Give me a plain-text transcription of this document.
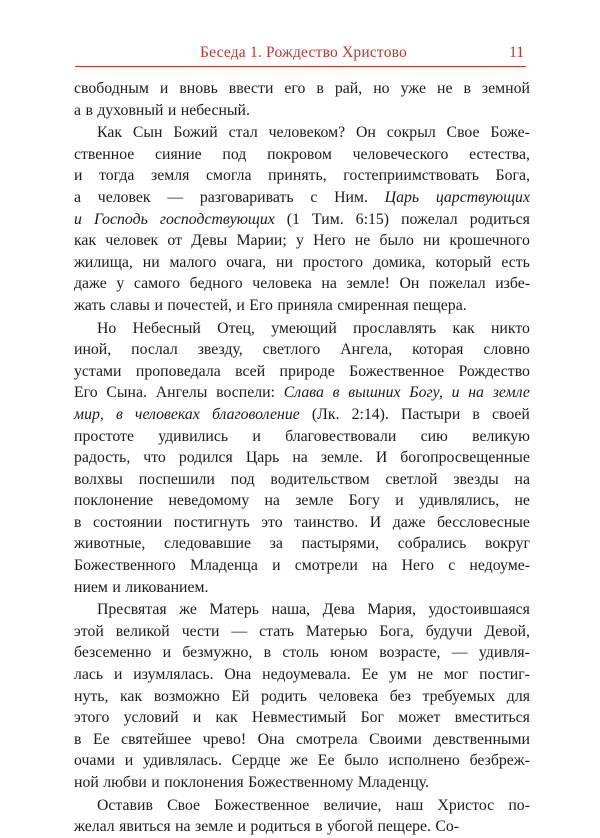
Беседа 1. Рождество Христово	11
свободным и вновь ввести его в рай, но уже не в земной
а в духовный и небесный.
Как Сын Божий стал человеком? Он сокрыл Свое Боже-
ственное сияние под покровом человеческого естества,
и тогда земля смогла принять, гостеприимствовать Бога,
а человек — разговаривать с Ним. Царь царствующих
и Господь господствующих (1 Тим. 6:15) пожелал родиться
как человек от Девы Марии; у Него не было ни крошечного
жилища, ни малого очага, ни простого домика, который есть
даже у самого бедного человека на земле! Он пожелал избе-
жать славы и почестей, и Его приняла смиренная пещера.
Но Небесный Отец, умеющий прославлять как никто
иной, послал звезду, светлого Ангела, которая словно
устами проповедала всей природе Божественное Рождество
Его Сына. Ангелы воспели: Слава в вышних Богу, и на земле
мир, в человеках благоволение (Лк. 2:14). Пастыри в своей
простоте удивились и благовествовали сию великую
радость, что родился Царь на земле. И богопросвещенные
волхвы поспешили под водительством светлой звезды на
поклонение неведомому на земле Богу и удивлялись, не
в состоянии постигнуть это таинство. И даже бессловесные
животные, следовавшие за пастырями, собрались вокруг
Божественного Младенца и смотрели на Него с недоуме-
нием и ликованием.
Пресвятая же Матерь наша, Дева Мария, удостоившаяся
этой великой чести — стать Матерью Бога, будучи Девой,
безсеменно и безмужно, в столь юном возрасте, — удивля-
лась и изумлялась. Она недоумевала. Ее ум не мог постиг-
нуть, как возможно Ей родить человека без требуемых для
этого условий и как Невместимый Бог может вместиться
в Ее святейшее чрево! Она смотрела Своими девственными
очами и удивлялась. Сердце же Ее было исполнено безбреж-
ной любви и поклонения Божественному Младенцу.
Оставив Свое Божественное величие, наш Христос по-
желал явиться на земле и родиться в убогой пещере. Со-
